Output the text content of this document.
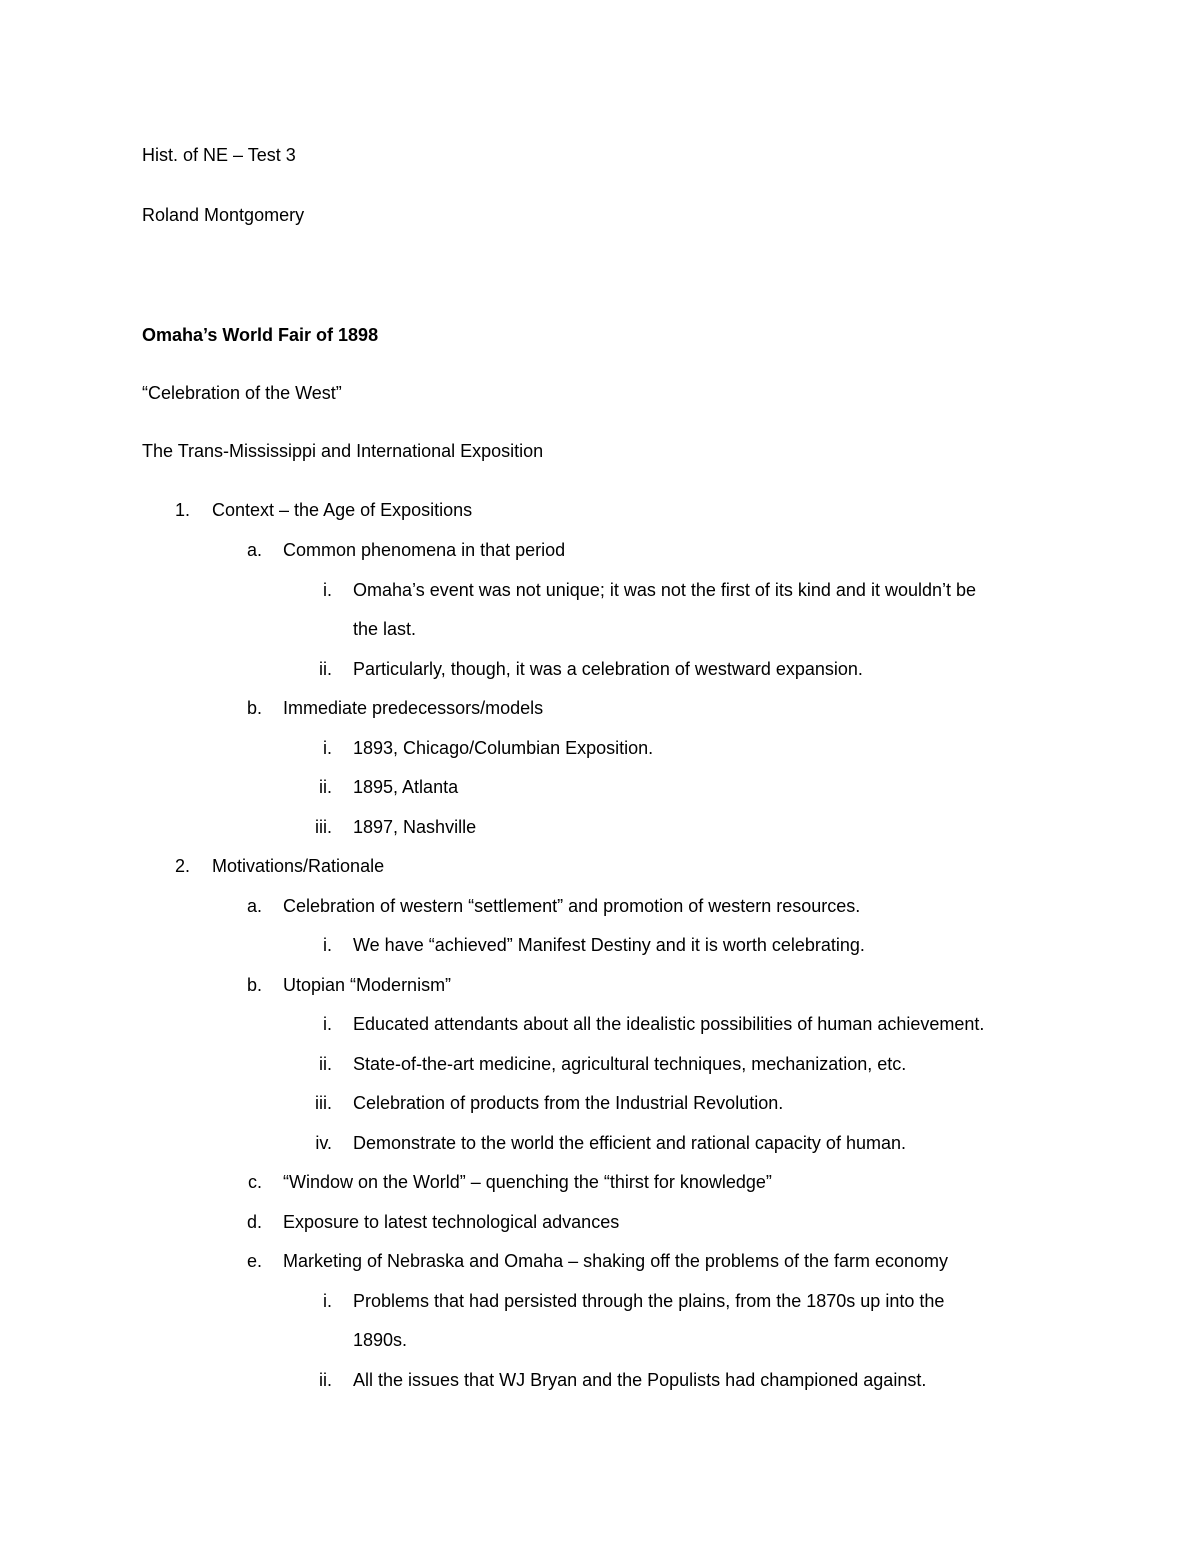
Hist. of NE – Test 3
Roland Montgomery
Omaha’s World Fair of 1898
“Celebration of the West”
The Trans-Mississippi and International Exposition
1. Context – the Age of Expositions
a. Common phenomena in that period
i. Omaha’s event was not unique; it was not the first of its kind and it wouldn’t be
the last.
ii. Particularly, though, it was a celebration of westward expansion.
b. Immediate predecessors/models
i. 1893, Chicago/Columbian Exposition.
ii. 1895, Atlanta
iii. 1897, Nashville
2. Motivations/Rationale
a. Celebration of western “settlement” and promotion of western resources.
i. We have “achieved” Manifest Destiny and it is worth celebrating.
b. Utopian “Modernism”
i. Educated attendants about all the idealistic possibilities of human achievement.
ii. State-of-the-art medicine, agricultural techniques, mechanization, etc.
iii. Celebration of products from the Industrial Revolution.
iv. Demonstrate to the world the efficient and rational capacity of human.
c. “Window on the World” – quenching the “thirst for knowledge”
d. Exposure to latest technological advances
e. Marketing of Nebraska and Omaha – shaking off the problems of the farm economy
i. Problems that had persisted through the plains, from the 1870s up into the
1890s.
ii. All the issues that WJ Bryan and the Populists had championed against.
